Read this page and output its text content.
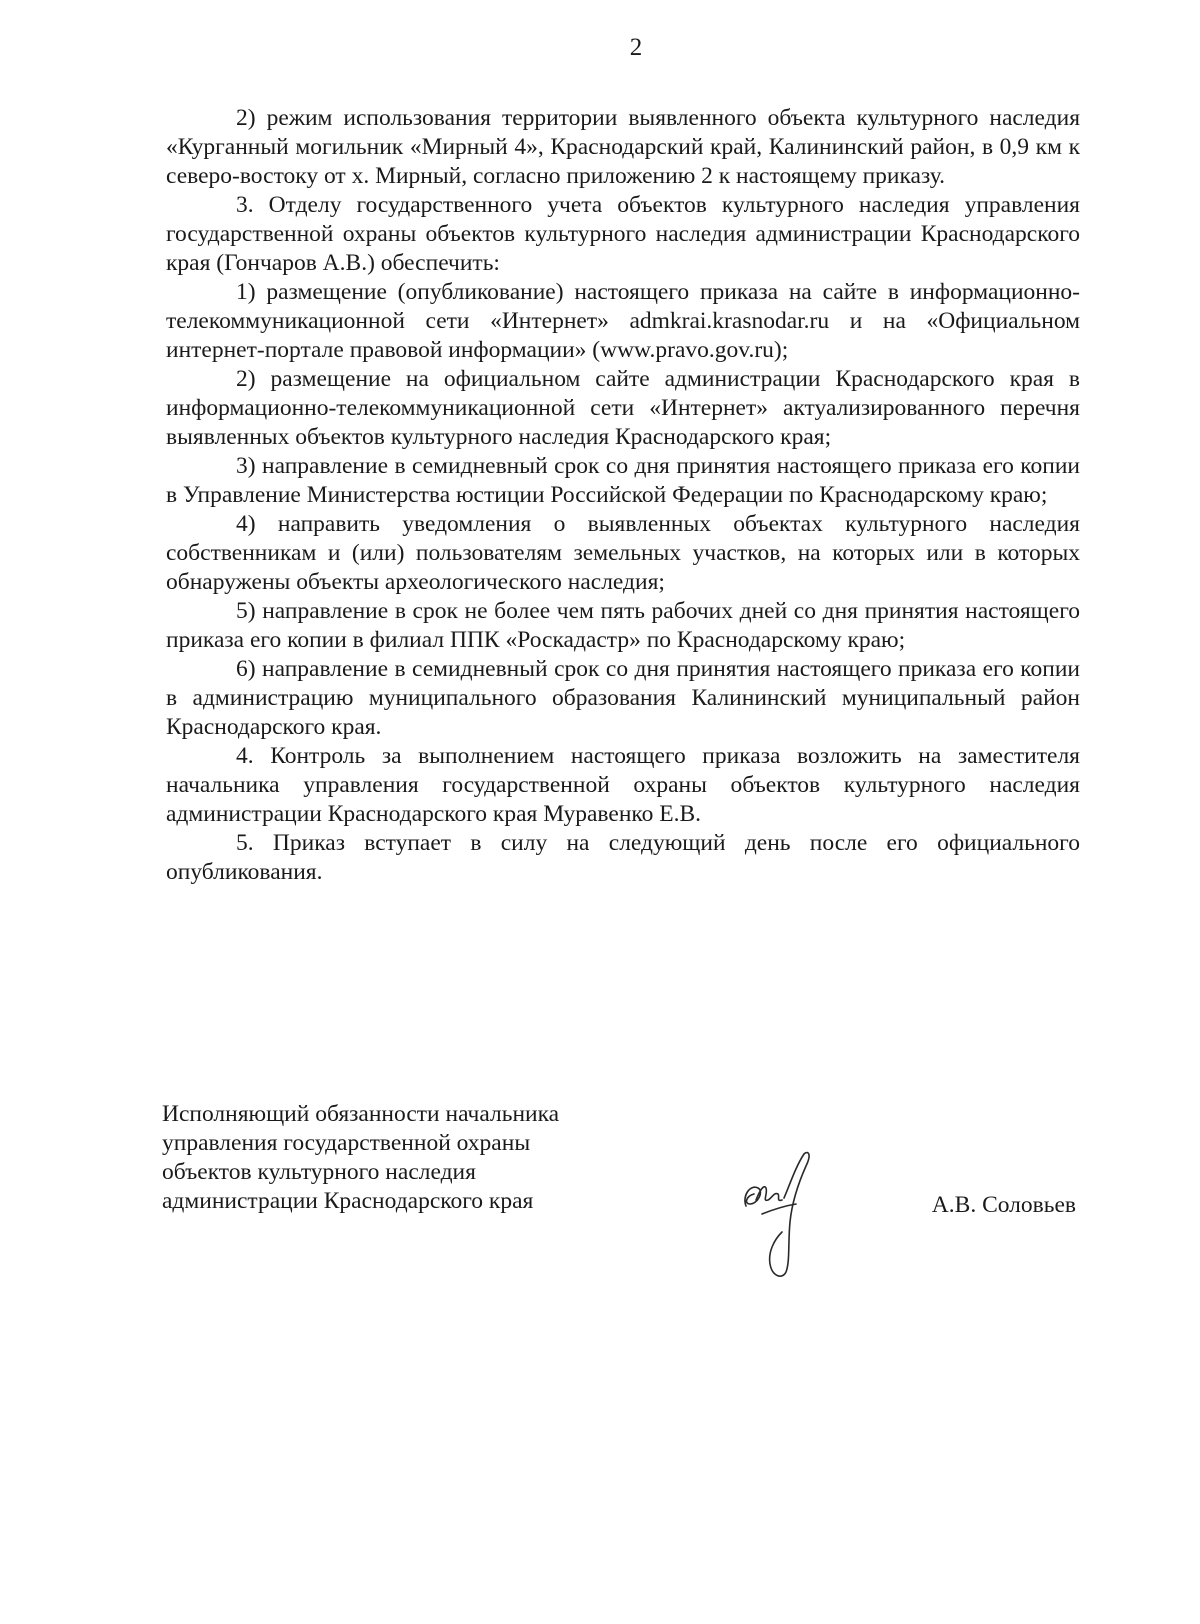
2

2) режим использования территории выявленного объекта культурного наследия «Курганный могильник «Мирный 4», Краснодарский край, Калининский район, в 0,9 км к северо-востоку от х. Мирный, согласно приложению 2 к настоящему приказу.

3. Отделу государственного учета объектов культурного наследия управления государственной охраны объектов культурного наследия администрации Краснодарского края (Гончаров А.В.) обеспечить:

1) размещение (опубликование) настоящего приказа на сайте в информационно-телекоммуникационной сети «Интернет» admkrai.krasnodar.ru и на «Официальном интернет-портале правовой информации» (www.pravo.gov.ru);

2) размещение на официальном сайте администрации Краснодарского края в информационно-телекоммуникационной сети «Интернет» актуализированного перечня выявленных объектов культурного наследия Краснодарского края;

3) направление в семидневный срок со дня принятия настоящего приказа его копии в Управление Министерства юстиции Российской Федерации по Краснодарскому краю;

4) направить уведомления о выявленных объектах культурного наследия собственникам и (или) пользователям земельных участков, на которых или в которых обнаружены объекты археологического наследия;

5) направление в срок не более чем пять рабочих дней со дня принятия настоящего приказа его копии в филиал ППК «Роскадастр» по Краснодарскому краю;

6) направление в семидневный срок со дня принятия настоящего приказа его копии в администрацию муниципального образования Калининский муниципальный район Краснодарского края.

4. Контроль за выполнением настоящего приказа возложить на заместителя начальника управления государственной охраны объектов культурного наследия администрации Краснодарского края Муравенко Е.В.

5. Приказ вступает в силу на следующий день после его официального опубликования.

Исполняющий обязанности начальника
управления государственной охраны
объектов культурного наследия
администрации Краснодарского края	А.В. Соловьев
